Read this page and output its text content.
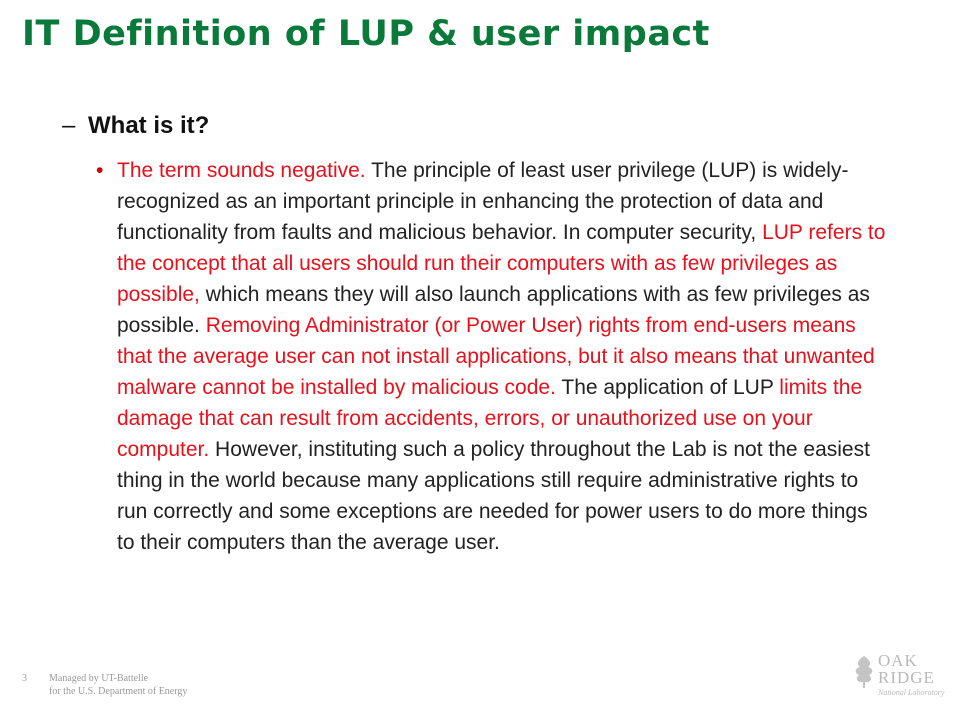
IT Definition of LUP & user impact
– What is it?
• The term sounds negative. The principle of least user privilege (LUP) is widely-recognized as an important principle in enhancing the protection of data and functionality from faults and malicious behavior. In computer security, LUP refers to the concept that all users should run their computers with as few privileges as possible, which means they will also launch applications with as few privileges as possible. Removing Administrator (or Power User) rights from end-users means that the average user can not install applications, but it also means that unwanted malware cannot be installed by malicious code. The application of LUP limits the damage that can result from accidents, errors, or unauthorized use on your computer. However, instituting such a policy throughout the Lab is not the easiest thing in the world because many applications still require administrative rights to run correctly and some exceptions are needed for power users to do more things to their computers than the average user.
3 Managed by UT-Battelle
for the U.S. Department of Energy
OAK
RIDGE
National Laboratory
